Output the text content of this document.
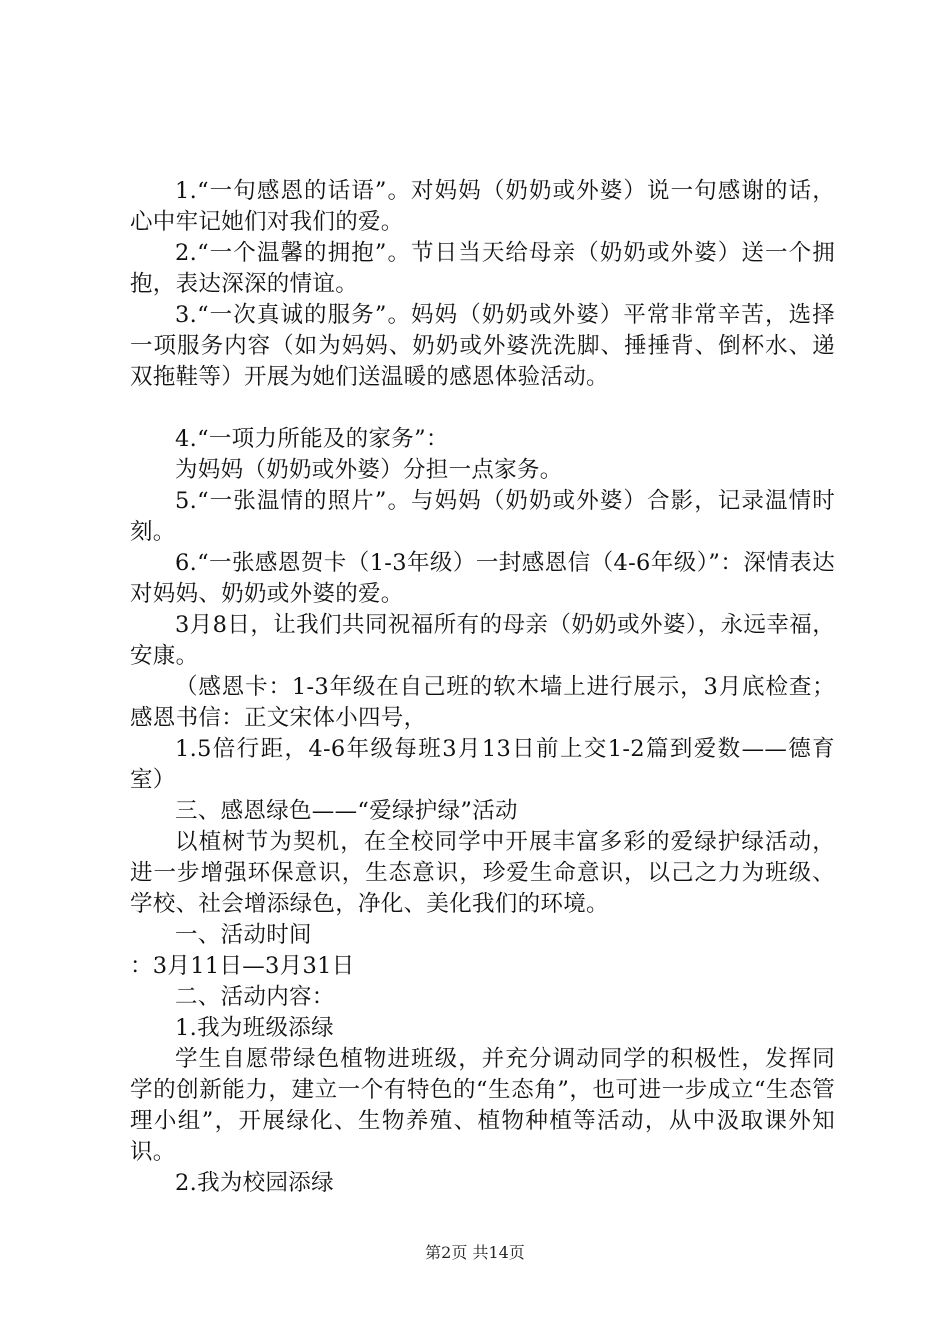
1.“一句感恩的话语”。对妈妈（奶奶或外婆）说一句感谢的话，心中牢记她们对我们的爱。

2.“一个温馨的拥抱”。节日当天给母亲（奶奶或外婆）送一个拥抱，表达深深的情谊。

3.“一次真诚的服务”。妈妈（奶奶或外婆）平常非常辛苦，选择一项服务内容（如为妈妈、奶奶或外婆洗洗脚、捶捶背、倒杯水、递双拖鞋等）开展为她们送温暖的感恩体验活动。

4.“一项力所能及的家务”：

为妈妈（奶奶或外婆）分担一点家务。

5.“一张温情的照片”。与妈妈（奶奶或外婆）合影，记录温情时刻。

6.“一张感恩贺卡（1-3年级）一封感恩信（4-6年级）”：深情表达对妈妈、奶奶或外婆的爱。

3月8日，让我们共同祝福所有的母亲（奶奶或外婆），永远幸福，安康。

（感恩卡：1-3年级在自己班的软木墙上进行展示，3月底检查；感恩书信：正文宋体小四号，

1.5倍行距，4-6年级每班3月13日前上交1-2篇到爱数——德育室）

三、感恩绿色——“爱绿护绿”活动

以植树节为契机，在全校同学中开展丰富多彩的爱绿护绿活动，进一步增强环保意识，生态意识，珍爱生命意识，以己之力为班级、学校、社会增添绿色，净化、美化我们的环境。

一、活动时间

：3月11日—3月31日

二、活动内容：

1.我为班级添绿

学生自愿带绿色植物进班级，并充分调动同学的积极性，发挥同学的创新能力，建立一个有特色的“生态角”，也可进一步成立“生态管理小组”，开展绿化、生物养殖、植物种植等活动，从中汲取课外知识。

2.我为校园添绿

第2页 共14页
